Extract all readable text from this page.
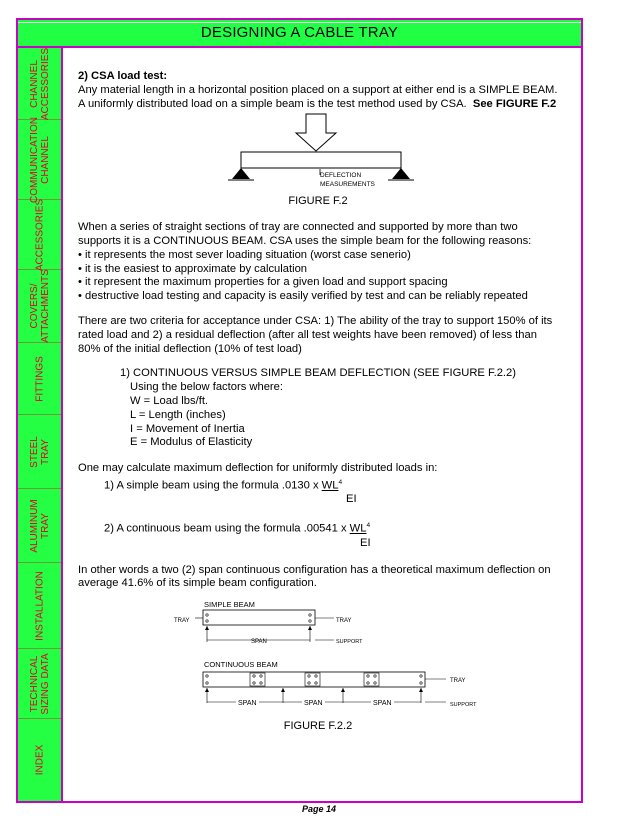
DESIGNING A CABLE TRAY
CHANNEL
ACCESSORIES
COMMUNICATION
CHANNEL
ACCESSORIES
COVERS/
ATTACHMENTS
FITTINGS
STEEL
TRAY
ALUMINUM
TRAY
INSTALLATION
TECHNICAL
SIZING DATA
INDEX

2) CSA load test:

Any material length in a horizontal position placed on a support at either end is a SIMPLE BEAM. A uniformly distributed load on a simple beam is the test method used by CSA. See FIGURE F.2

DEFLECTION
MEASUREMENTS

FIGURE F.2

When a series of straight sections of tray are connected and supported by more than two supports it is a CONTINUOUS BEAM. CSA uses the simple beam for the following reasons:

• it represents the most sever loading situation (worst case senerio)

• it is the easiest to approximate by calculation

• it represent the maximum properties for a given load and support spacing

• destructive load testing and capacity is easily verified by test and can be reliably repeated

There are two criteria for acceptance under CSA: 1) The ability of the tray to support 150% of its rated load and 2) a residual deflection (after all test weights have been removed) of less than 80% of the initial deflection (10% of test load)

1) CONTINUOUS VERSUS SIMPLE BEAM DEFLECTION (SEE FIGURE F.2.2)

Using the below factors where:

W = Load lbs/ft.

L = Length (inches)

I = Movement of Inertia

E = Modulus of Elasticity

One may calculate maximum deflection for uniformly distributed loads in:

1) A simple beam using the formula .0130 x $WL^4$

EI

2) A continuous beam using the formula .00541 x $WL^4$

EI

In other words a two (2) span continuous configuration has a theoretical maximum deflection on average 41.6% of its simple beam configuration.

SIMPLE BEAM
TRAY	TRAY
SPAN	SUPPORT
CONTINUOUS BEAM
TRAY
SPAN	SPAN	SPAN	SUPPORT
FIGURE F.2.2
Page 14
